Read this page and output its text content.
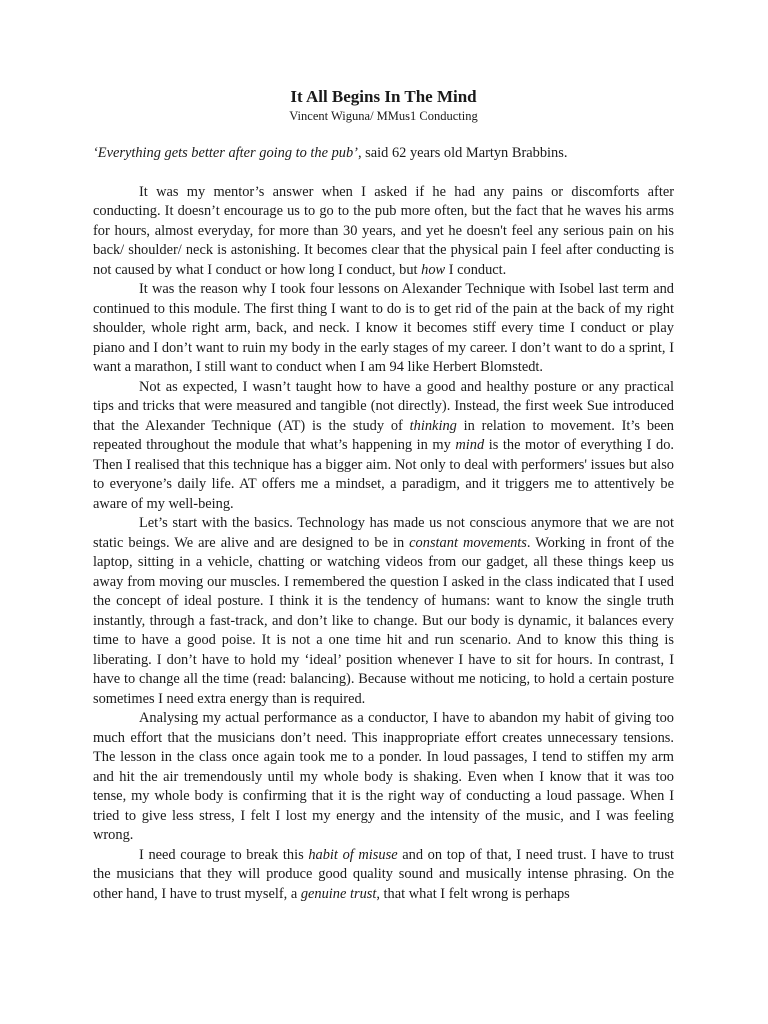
It All Begins In The Mind

Vincent Wiguna/ MMus1 Conducting

‘Everything gets better after going to the pub’, said 62 years old Martyn Brabbins.

It was my mentor’s answer when I asked if he had any pains or discomforts after conducting. It doesn’t encourage us to go to the pub more often, but the fact that he waves his arms for hours, almost everyday, for more than 30 years, and yet he doesn't feel any serious pain on his back/ shoulder/ neck is astonishing. It becomes clear that the physical pain I feel after conducting is not caused by what I conduct or how long I conduct, but how I conduct.

It was the reason why I took four lessons on Alexander Technique with Isobel last term and continued to this module. The first thing I want to do is to get rid of the pain at the back of my right shoulder, whole right arm, back, and neck. I know it becomes stiff every time I conduct or play piano and I don’t want to ruin my body in the early stages of my career. I don’t want to do a sprint, I want a marathon, I still want to conduct when I am 94 like Herbert Blomstedt.

Not as expected, I wasn’t taught how to have a good and healthy posture or any practical tips and tricks that were measured and tangible (not directly). Instead, the first week Sue introduced that the Alexander Technique (AT) is the study of thinking in relation to movement. It’s been repeated throughout the module that what’s happening in my mind is the motor of everything I do. Then I realised that this technique has a bigger aim. Not only to deal with performers' issues but also to everyone’s daily life. AT offers me a mindset, a paradigm, and it triggers me to attentively be aware of my well-being.

Let’s start with the basics. Technology has made us not conscious anymore that we are not static beings. We are alive and are designed to be in constant movements. Working in front of the laptop, sitting in a vehicle, chatting or watching videos from our gadget, all these things keep us away from moving our muscles. I remembered the question I asked in the class indicated that I used the concept of ideal posture. I think it is the tendency of humans: want to know the single truth instantly, through a fast-track, and don’t like to change. But our body is dynamic, it balances every time to have a good poise. It is not a one time hit and run scenario. And to know this thing is liberating. I don’t have to hold my ‘ideal’ position whenever I have to sit for hours. In contrast, I have to change all the time (read: balancing). Because without me noticing, to hold a certain posture sometimes I need extra energy than is required.

Analysing my actual performance as a conductor, I have to abandon my habit of giving too much effort that the musicians don’t need. This inappropriate effort creates unnecessary tensions. The lesson in the class once again took me to a ponder. In loud passages, I tend to stiffen my arm and hit the air tremendously until my whole body is shaking. Even when I know that it was too tense, my whole body is confirming that it is the right way of conducting a loud passage. When I tried to give less stress, I felt I lost my energy and the intensity of the music, and I was feeling wrong.

I need courage to break this habit of misuse and on top of that, I need trust. I have to trust the musicians that they will produce good quality sound and musically intense phrasing. On the other hand, I have to trust myself, a genuine trust, that what I felt wrong is perhaps
